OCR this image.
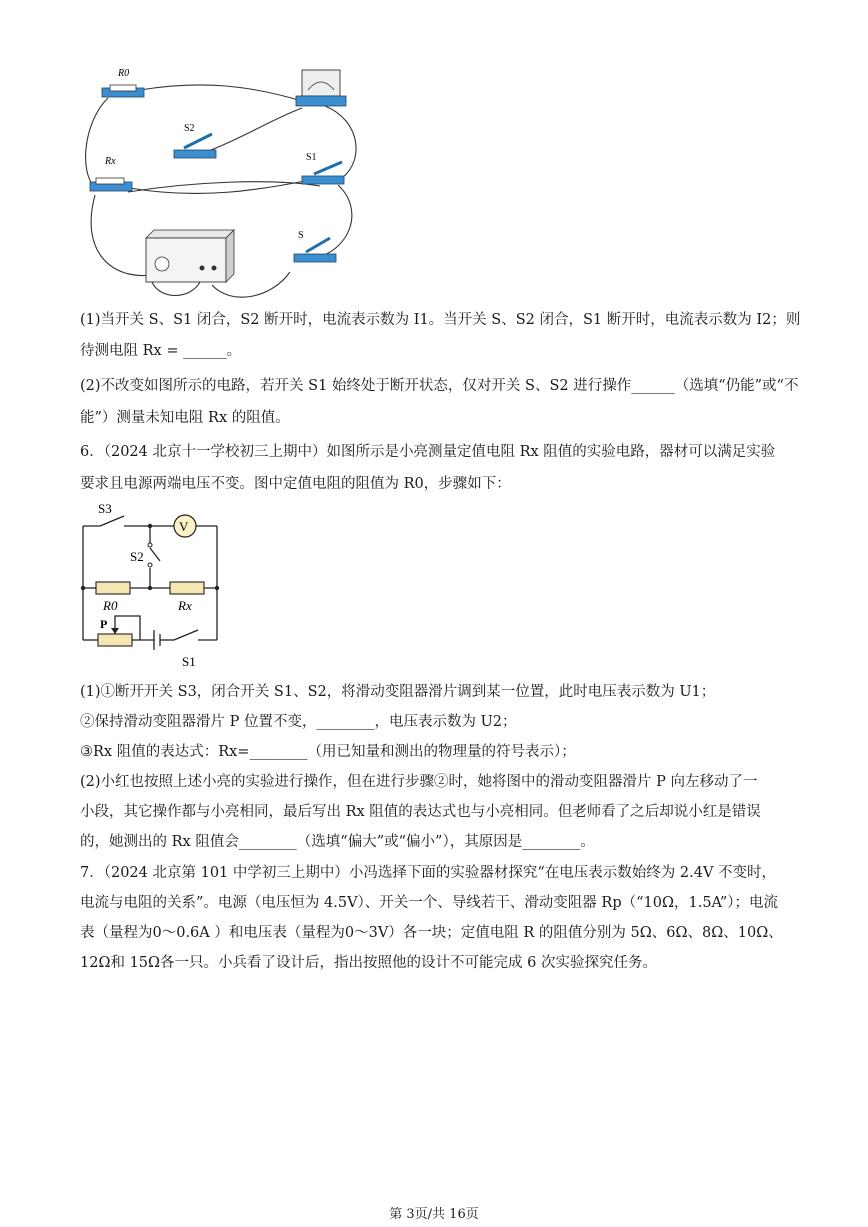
R0
Rx
S2
S1
S
(1)当开关 S、S1 闭合，S2 断开时，电流表示数为 I1。当开关 S、S2 闭合，S1 断开时，电流表示数为 I2；则
待测电阻 Rx = ______。
(2)不改变如图所示的电路，若开关 S1 始终处于断开状态，仅对开关 S、S2 进行操作______（选填“仍能”或“不
能”）测量未知电阻 Rx 的阻值。
6．（2024 北京十一学校初三上期中）如图所示是小亮测量定值电阻 Rx 阻值的实验电路，器材可以满足实验
要求且电源两端电压不变。图中定值电阻的阻值为 R0，步骤如下：
V
S3
S2
R0	Rx
P
S1
(1)①断开开关 S3，闭合开关 S1、S2，将滑动变阻器滑片调到某一位置，此时电压表示数为 U1；
②保持滑动变阻器滑片 P 位置不变，________，电压表示数为 U2；
③Rx 阻值的表达式：Rx=________（用已知量和测出的物理量的符号表示）；
(2)小红也按照上述小亮的实验进行操作，但在进行步骤②时，她将图中的滑动变阻器滑片 P 向左移动了一
小段，其它操作都与小亮相同，最后写出 Rx 阻值的表达式也与小亮相同。但老师看了之后却说小红是错误
的，她测出的 Rx 阻值会________（选填“偏大”或“偏小”），其原因是________。
7．（2024 北京第 101 中学初三上期中）小冯选择下面的实验器材探究“在电压表示数始终为 2.4V 不变时，
电流与电阻的关系”。电源（电压恒为 4.5V）、开关一个、导线若干、滑动变阻器 Rp（“10Ω，1.5A”）；电流
表（量程为0～0.6A ）和电压表（量程为0～3V）各一块；定值电阻 R 的阻值分别为 5Ω、6Ω、8Ω、10Ω、
12Ω和 15Ω各一只。小兵看了设计后，指出按照他的设计不可能完成 6 次实验探究任务。
第 3页/共 16页
